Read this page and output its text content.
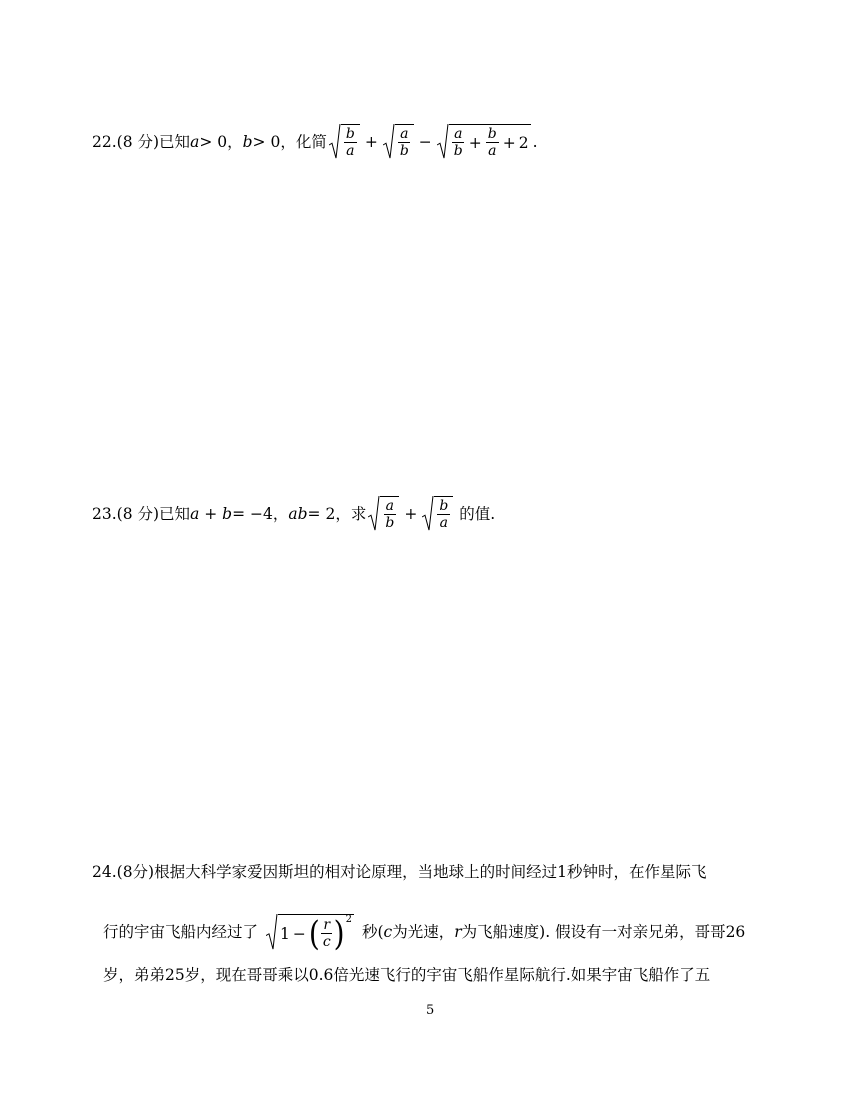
22.(8 分) 已知 a > 0 ， b > 0 ， 化简 $\frac{b}{a} + \frac{a}{b} - \frac{a}{b} + \frac{b}{a} + 2$ .
23.(8 分) 已知 a + b = −4 ， ab = 2 ， 求 $\frac{a}{b} + \frac{b}{a}$ 的值.
24.(8分)根据大科学家爱因斯坦的相对论原理，当地球上的时间经过1秒钟时，在作星际飞
行的宇宙飞船内经过了 1 − ( $\frac{r}{c}$ ) 2
秒( c 为光速， r 为飞船速度). 假设有一对亲兄弟，哥哥26
岁，弟弟25岁，现在哥哥乘以0.6倍光速飞行的宇宙飞船作星际航行.如果宇宙飞船作了五
5
